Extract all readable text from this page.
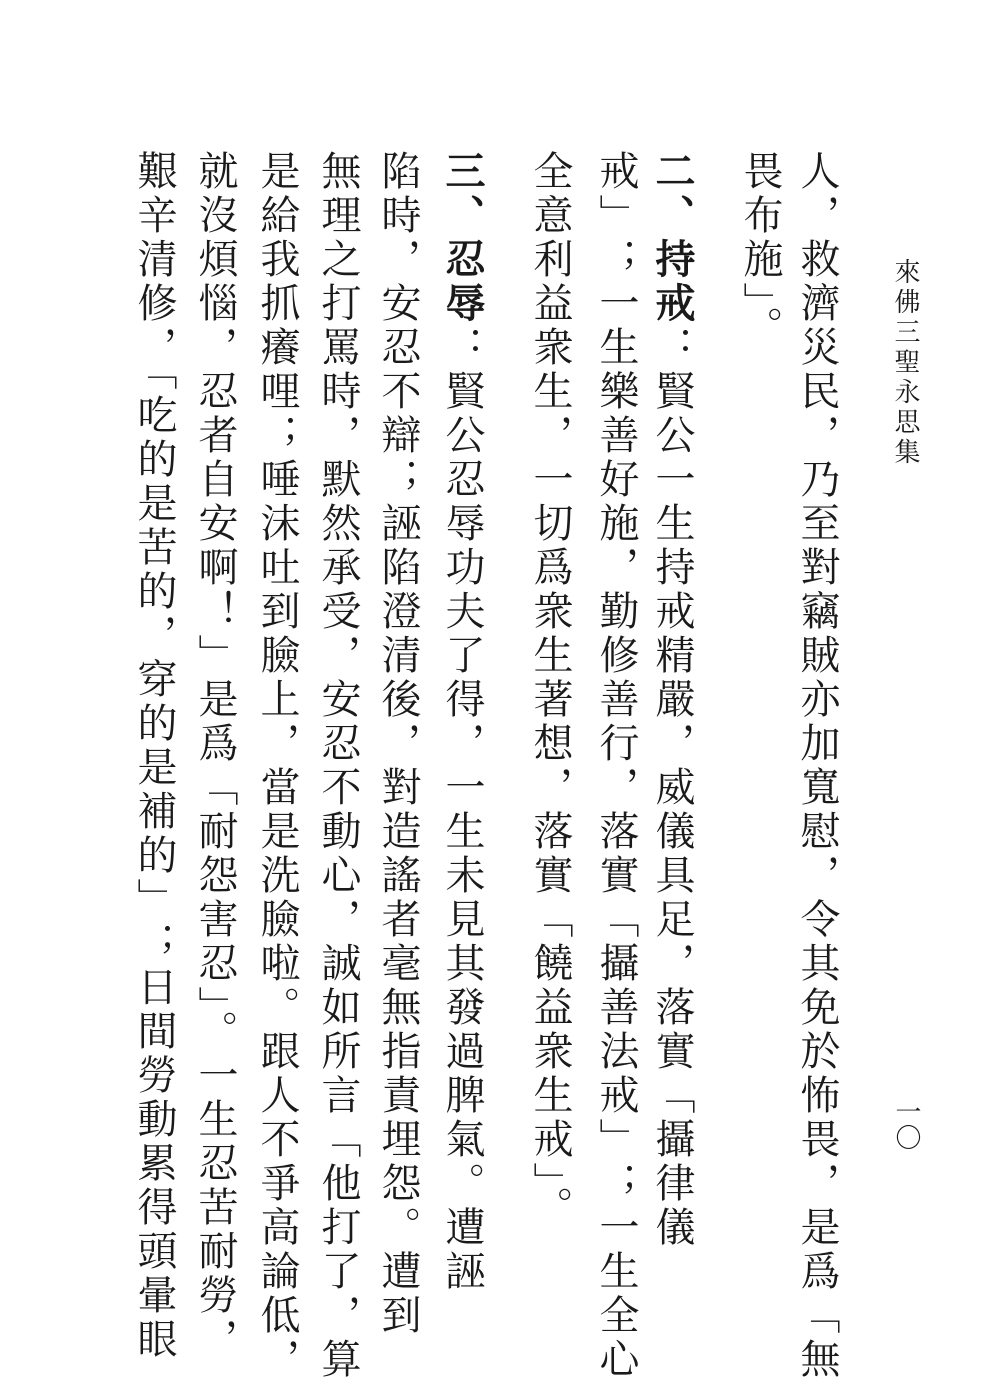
來佛三聖永思集
一〇
人，救濟災民，乃至對竊賊亦加寬慰，令其免於怖畏，是爲「無
畏布施」。
二、持戒：賢公一生持戒精嚴，威儀具足，落實「攝律儀
戒」；一生樂善好施，勤修善行，落實「攝善法戒」；一生全心
全意利益衆生，一切爲衆生著想，落實「饒益衆生戒」。
三、忍辱：賢公忍辱功夫了得，一生未見其發過脾氣。遭誣
陷時，安忍不辯；誣陷澄清後，對造謠者毫無指責埋怨。遭到
無理之打罵時，默然承受，安忍不動心，誠如所言「他打了，算
是給我抓癢哩；唾沫吐到臉上，當是洗臉啦。跟人不爭高論低，
就沒煩惱，忍者自安啊！」是爲「耐怨害忍」。一生忍苦耐勞，
艱辛清修，「吃的是苦的，穿的是補的」；日間勞動累得頭暈眼
